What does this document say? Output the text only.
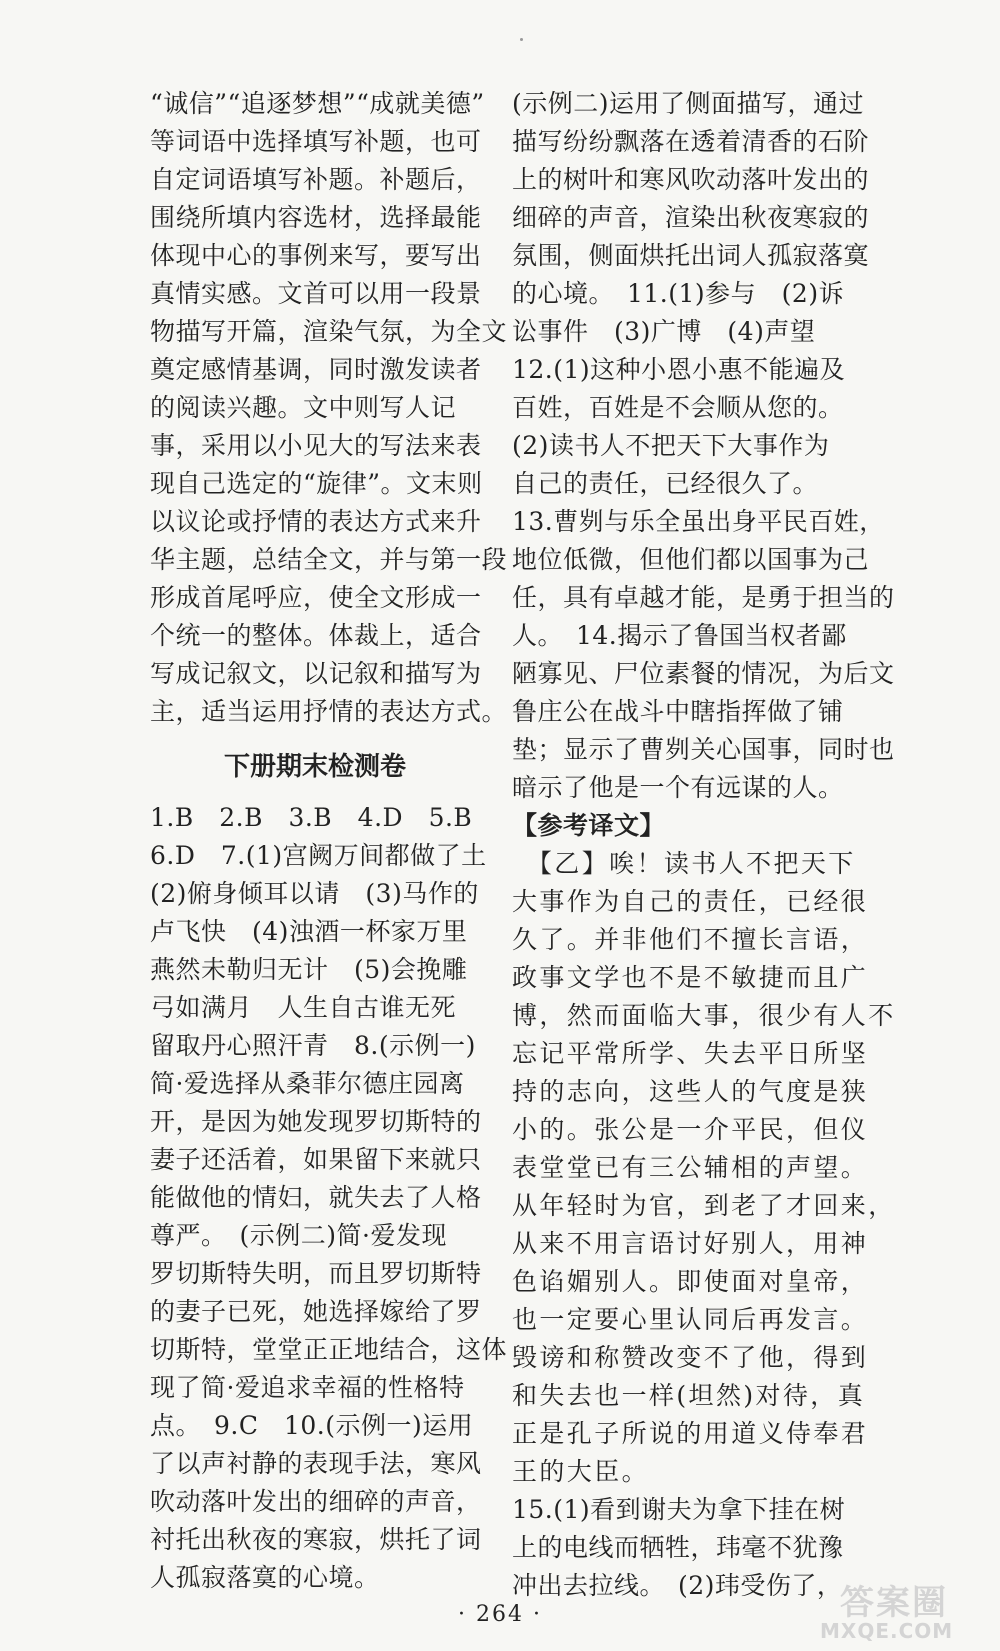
“诚信”“追逐梦想”“成就美德”
等词语中选择填写补题，也可
自定词语填写补题。补题后，
围绕所填内容选材，选择最能
体现中心的事例来写，要写出
真情实感。文首可以用一段景
物描写开篇，渲染气氛，为全文
奠定感情基调，同时激发读者
的阅读兴趣。文中则写人记
事，采用以小见大的写法来表
现自己选定的“旋律”。文末则
以议论或抒情的表达方式来升
华主题，总结全文，并与第一段
形成首尾呼应，使全文形成一
个统一的整体。体裁上，适合
写成记叙文，以记叙和描写为
主，适当运用抒情的表达方式。
下册期末检测卷
1.B　2.B　3.B　4.D　5.B
6.D　7.(1)宫阙万间都做了土
(2)俯身倾耳以请　(3)马作的
卢飞快　(4)浊酒一杯家万里
燕然未勒归无计　(5)会挽雕
弓如满月　人生自古谁无死
留取丹心照汗青　8.(示例一)
简·爱选择从桑菲尔德庄园离
开，是因为她发现罗切斯特的
妻子还活着，如果留下来就只
能做他的情妇，就失去了人格
尊严。　(示例二)简·爱发现
罗切斯特失明，而且罗切斯特
的妻子已死，她选择嫁给了罗
切斯特，堂堂正正地结合，这体
现了简·爱追求幸福的性格特
点。　9.C　10.(示例一)运用
了以声衬静的表现手法，寒风
吹动落叶发出的细碎的声音，
衬托出秋夜的寒寂，烘托了词
人孤寂落寞的心境。
(示例二)运用了侧面描写，通过
描写纷纷飘落在透着清香的石阶
上的树叶和寒风吹动落叶发出的
细碎的声音，渲染出秋夜寒寂的
氛围，侧面烘托出词人孤寂落寞
的心境。　11.(1)参与　(2)诉
讼事件　(3)广博　(4)声望
12.(1)这种小恩小惠不能遍及
百姓，百姓是不会顺从您的。
(2)读书人不把天下大事作为
自己的责任，已经很久了。
13.曹刿与乐全虽出身平民百姓，
地位低微，但他们都以国事为己
任，具有卓越才能，是勇于担当的
人。　14.揭示了鲁国当权者鄙
陋寡见、尸位素餐的情况，为后文
鲁庄公在战斗中瞎指挥做了铺
垫；显示了曹刿关心国事，同时也
暗示了他是一个有远谋的人。
【参考译文】
　【乙】唉！读书人不把天下
大事作为自己的责任，已经很
久了。并非他们不擅长言语，
政事文学也不是不敏捷而且广
博，然而面临大事，很少有人不
忘记平常所学、失去平日所坚
持的志向，这些人的气度是狭
小的。张公是一介平民，但仪
表堂堂已有三公辅相的声望。
从年轻时为官，到老了才回来，
从来不用言语讨好别人，用神
色谄媚别人。即使面对皇帝，
也一定要心里认同后再发言。
毁谤和称赞改变不了他，得到
和失去也一样(坦然)对待，真
正是孔子所说的用道义侍奉君
王的大臣。
15.(1)看到谢夫为拿下挂在树
上的电线而牺牲，玮毫不犹豫
冲出去拉线。　(2)玮受伤了，
· 264 ·	答案圈
MXQE.COM
